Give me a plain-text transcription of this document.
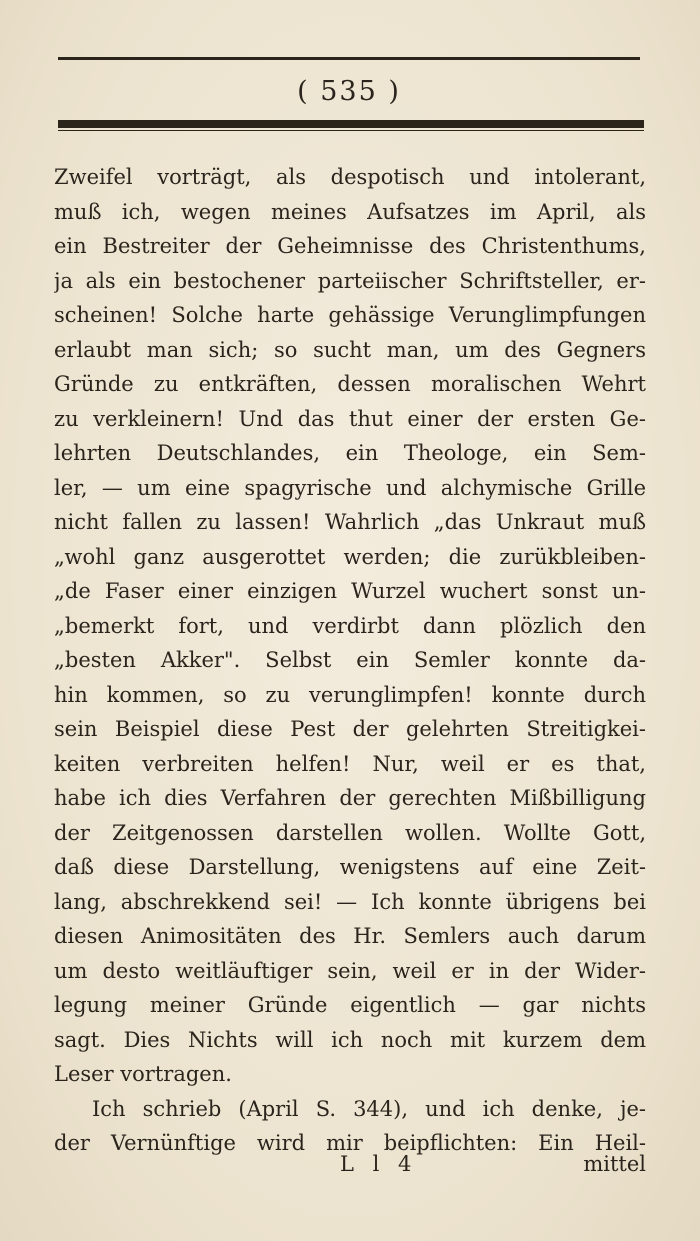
( 535 )
Zweifel vorträgt, als despotisch und intolerant,
muß ich, wegen meines Aufsatzes im April, als
ein Bestreiter der Geheimnisse des Christenthums,
ja als ein bestochener parteiischer Schriftsteller, er-
scheinen! Solche harte gehässige Verunglimpfungen
erlaubt man sich; so sucht man, um des Gegners
Gründe zu entkräften, dessen moralischen Wehrt
zu verkleinern! Und das thut einer der ersten Ge-
lehrten Deutschlandes, ein Theologe, ein Sem-
ler, — um eine spagyrische und alchymische Grille
nicht fallen zu lassen! Wahrlich „das Unkraut muß
„wohl ganz ausgerottet werden; die zurükbleiben-
„de Faser einer einzigen Wurzel wuchert sonst un-
„bemerkt fort, und verdirbt dann plözlich den
„besten Akker". Selbst ein Semler konnte da-
hin kommen, so zu verunglimpfen! konnte durch
sein Beispiel diese Pest der gelehrten Streitigkei-
keiten verbreiten helfen! Nur, weil er es that,
habe ich dies Verfahren der gerechten Mißbilligung
der Zeitgenossen darstellen wollen. Wollte Gott,
daß diese Darstellung, wenigstens auf eine Zeit-
lang, abschrekkend sei! — Ich konnte übrigens bei
diesen Animositäten des Hr. Semlers auch darum
um desto weitläuftiger sein, weil er in der Wider-
legung meiner Gründe eigentlich — gar nichts
sagt. Dies Nichts will ich noch mit kurzem dem
Leser vortragen.
Ich schrieb (April S. 344), und ich denke, je-
der Vernünftige wird mir beipflichten: Ein Heil-
L l 4	mittel
